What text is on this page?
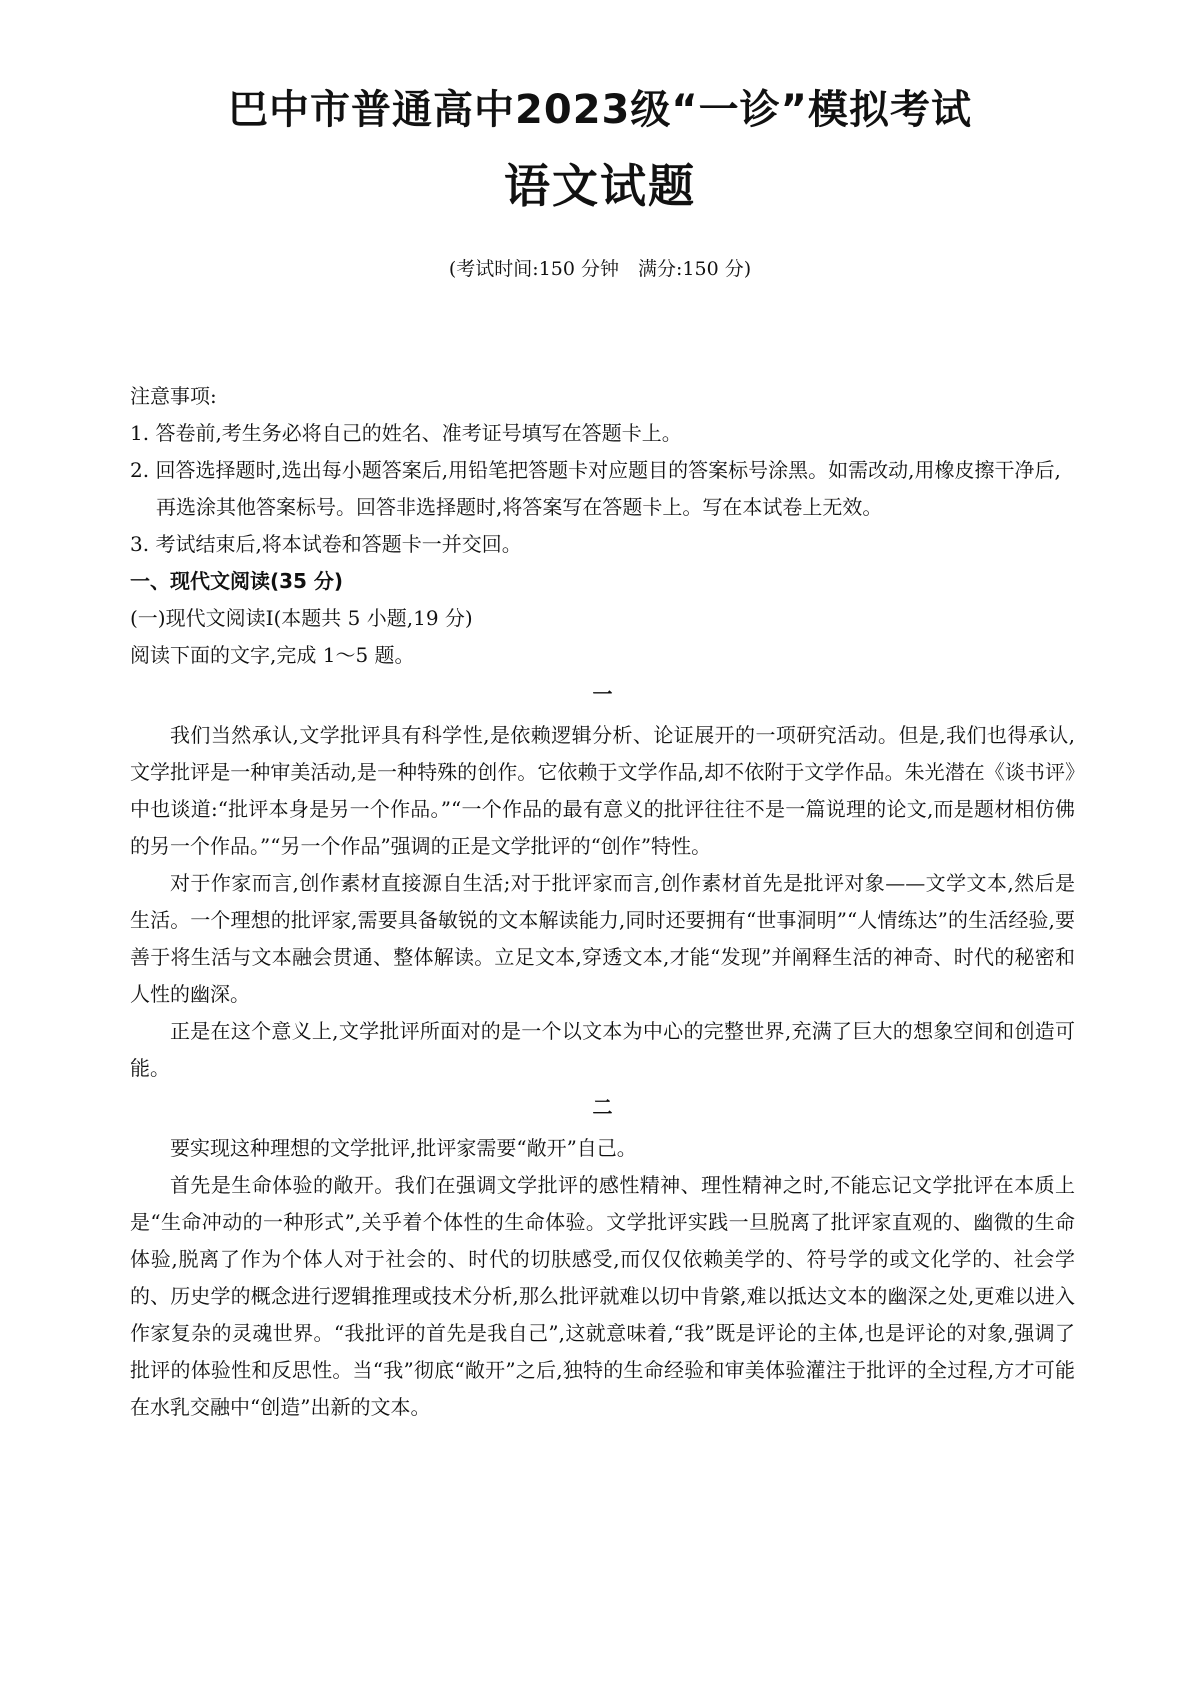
巴中市普通高中2023级“一诊”模拟考试
语文试题
(考试时间:150 分钟　满分:150 分)
注意事项:
1. 答卷前,考生务必将自己的姓名、准考证号填写在答题卡上。
2. 回答选择题时,选出每小题答案后,用铅笔把答题卡对应题目的答案标号涂黑。如需改动,用橡皮擦干净后,再选涂其他答案标号。回答非选择题时,将答案写在答题卡上。写在本试卷上无效。
3. 考试结束后,将本试卷和答题卡一并交回。
一、现代文阅读(35 分)
(一)现代文阅读Ⅰ(本题共 5 小题,19 分)
阅读下面的文字,完成 1～5 题。
一
我们当然承认,文学批评具有科学性,是依赖逻辑分析、论证展开的一项研究活动。但是,我们也得承认,文学批评是一种审美活动,是一种特殊的创作。它依赖于文学作品,却不依附于文学作品。朱光潜在《谈书评》中也谈道:“批评本身是另一个作品。”“一个作品的最有意义的批评往往不是一篇说理的论文,而是题材相仿佛的另一个作品。”“另一个作品”强调的正是文学批评的“创作”特性。
对于作家而言,创作素材直接源自生活;对于批评家而言,创作素材首先是批评对象——文学文本,然后是生活。一个理想的批评家,需要具备敏锐的文本解读能力,同时还要拥有“世事洞明”“人情练达”的生活经验,要善于将生活与文本融会贯通、整体解读。立足文本,穿透文本,才能“发现”并阐释生活的神奇、时代的秘密和人性的幽深。
正是在这个意义上,文学批评所面对的是一个以文本为中心的完整世界,充满了巨大的想象空间和创造可能。
二
要实现这种理想的文学批评,批评家需要“敞开”自己。
首先是生命体验的敞开。我们在强调文学批评的感性精神、理性精神之时,不能忘记文学批评在本质上是“生命冲动的一种形式”,关乎着个体性的生命体验。文学批评实践一旦脱离了批评家直观的、幽微的生命体验,脱离了作为个体人对于社会的、时代的切肤感受,而仅仅依赖美学的、符号学的或文化学的、社会学的、历史学的概念进行逻辑推理或技术分析,那么批评就难以切中肯綮,难以抵达文本的幽深之处,更难以进入作家复杂的灵魂世界。“我批评的首先是我自己”,这就意味着,“我”既是评论的主体,也是评论的对象,强调了批评的体验性和反思性。当“我”彻底“敞开”之后,独特的生命经验和审美体验灌注于批评的全过程,方才可能在水乳交融中“创造”出新的文本。
